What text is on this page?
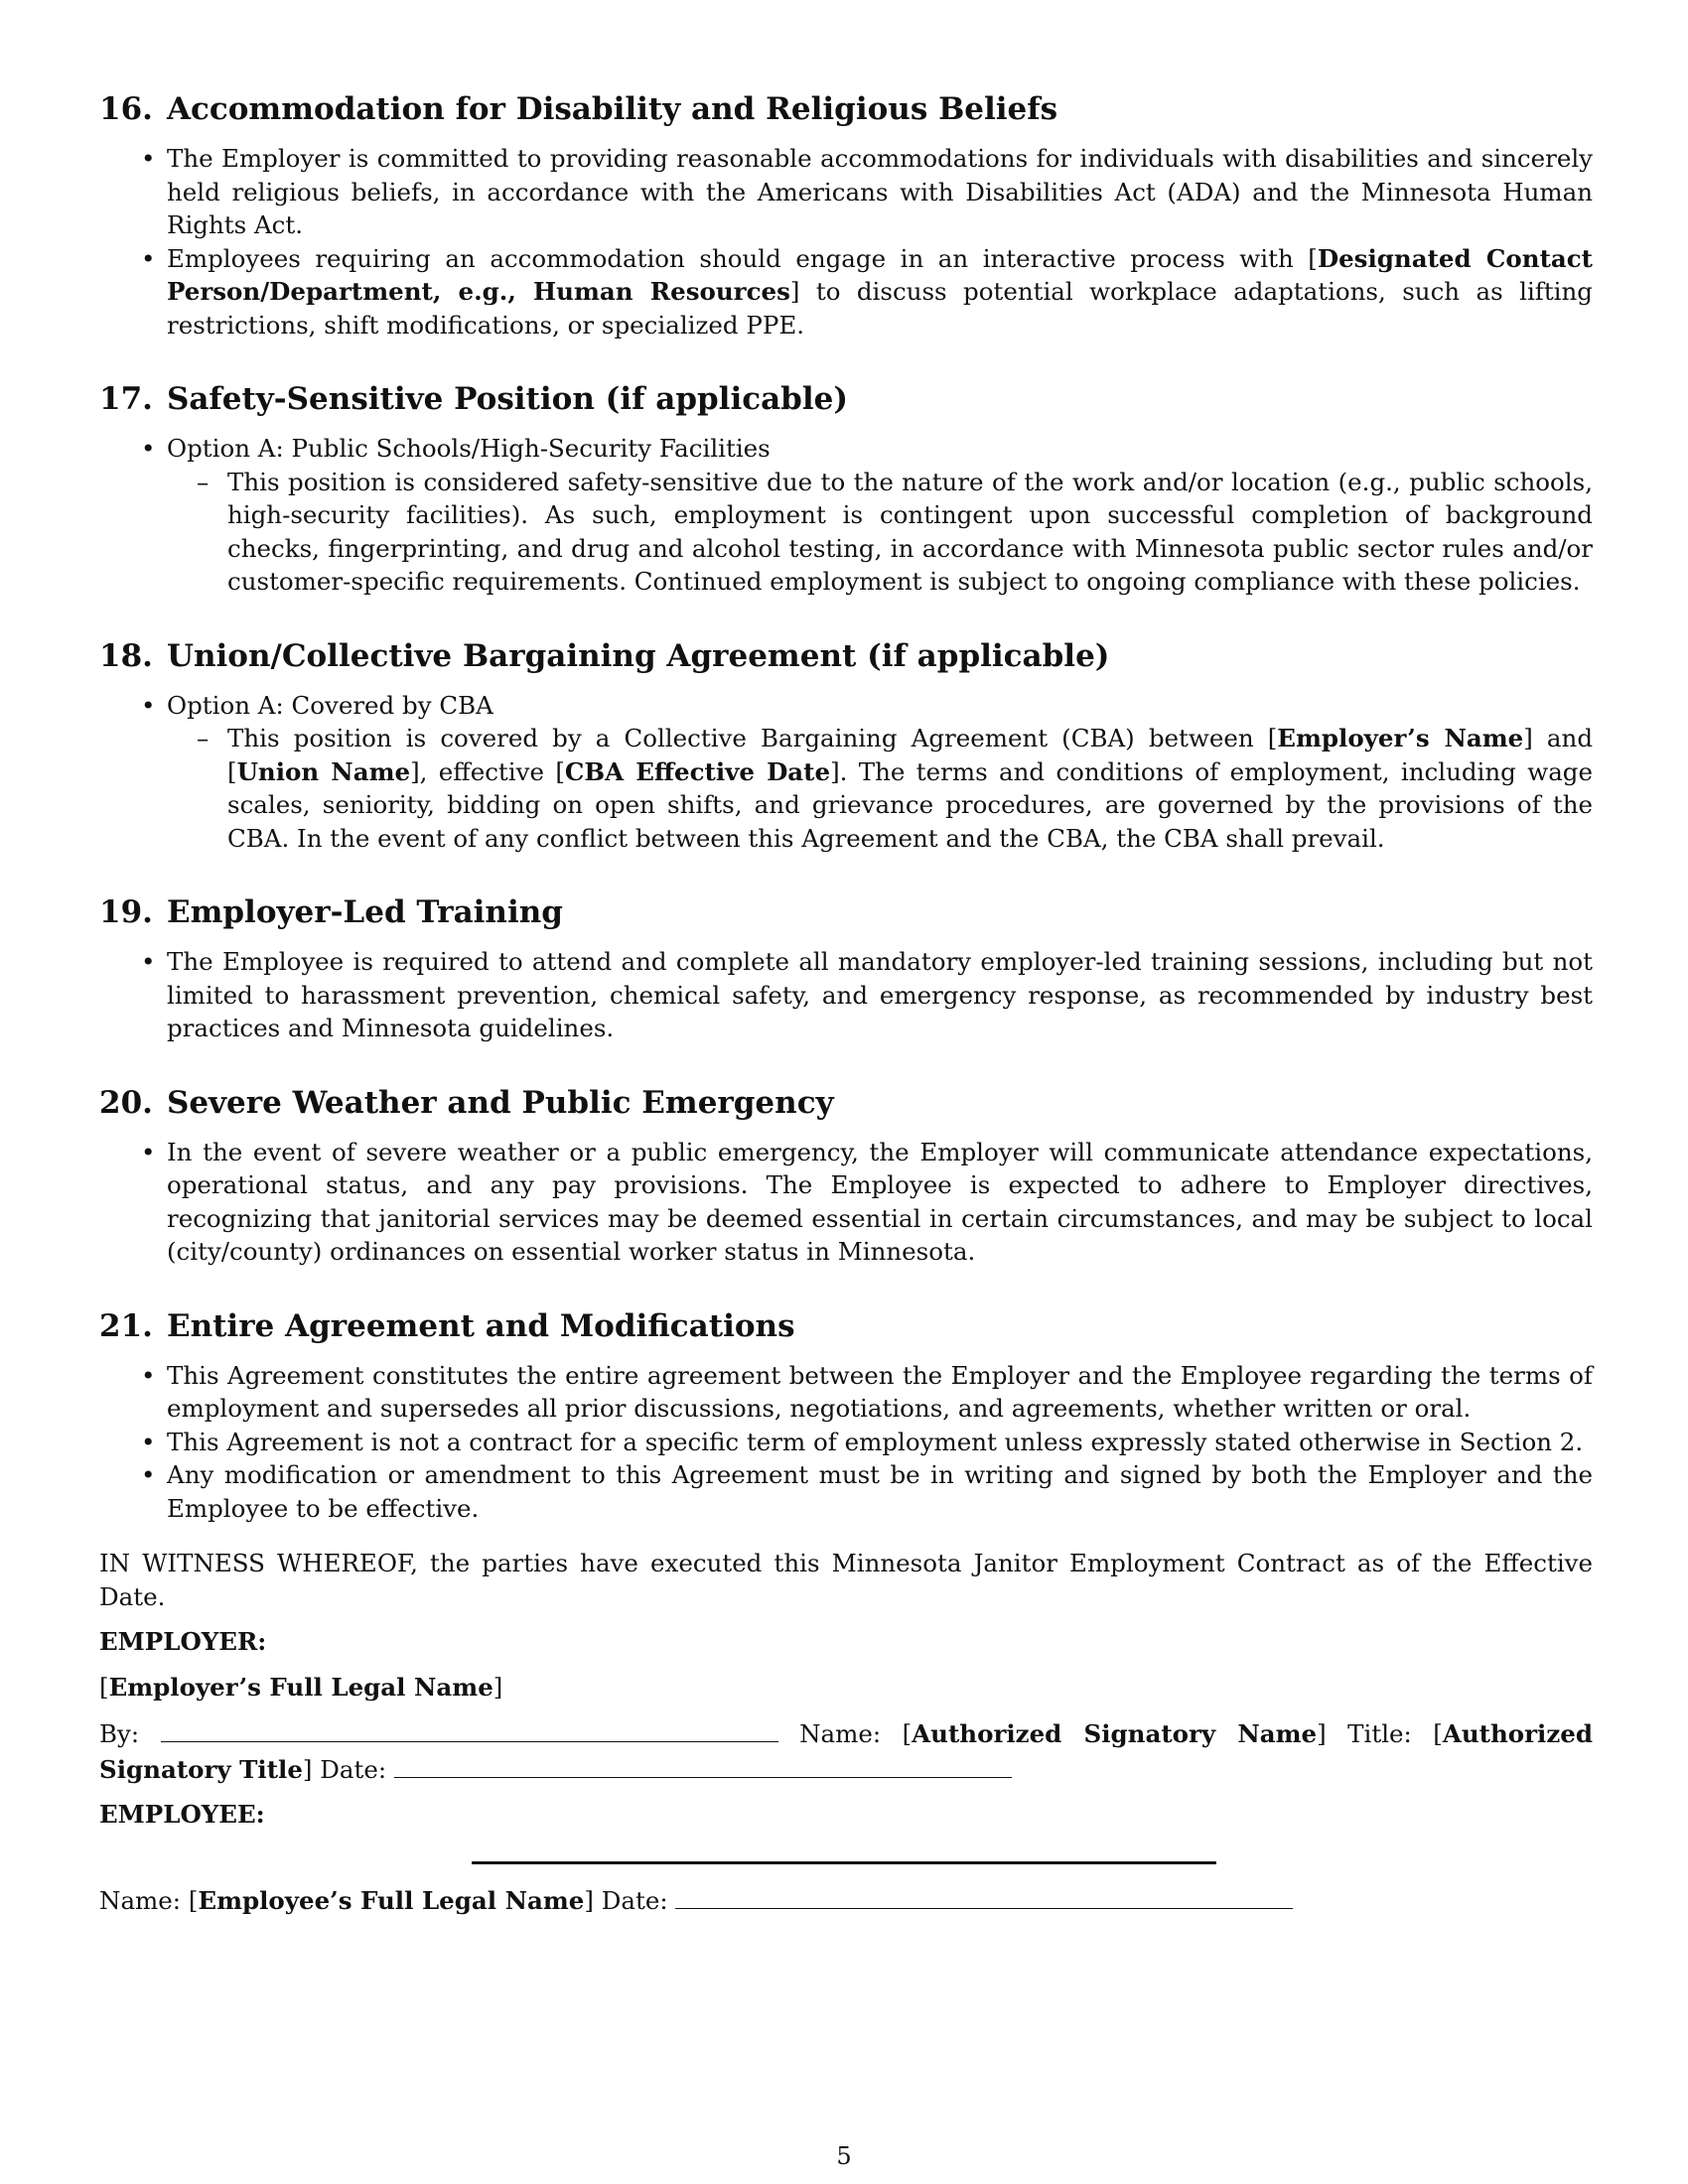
16. Accommodation for Disability and Religious Beliefs
• The Employer is committed to providing reasonable accommodations for individuals with disabilities and sincerely held religious beliefs, in accordance with the Americans with Disabilities Act (ADA) and the Minnesota Human Rights Act.
• Employees requiring an accommodation should engage in an interactive process with [Designated Contact Person/Department, e.g., Human Resources] to discuss potential workplace adaptations, such as lifting restrictions, shift modifications, or specialized PPE.
17. Safety-Sensitive Position (if applicable)
• Option A: Public Schools/High-Security Facilities
– This position is considered safety-sensitive due to the nature of the work and/or location (e.g., public schools, high-security facilities). As such, employment is contingent upon successful completion of background checks, fingerprinting, and drug and alcohol testing, in accordance with Minnesota public sector rules and/or customer-specific requirements. Continued employment is subject to ongoing compliance with these policies.
18. Union/Collective Bargaining Agreement (if applicable)
• Option A: Covered by CBA
– This position is covered by a Collective Bargaining Agreement (CBA) between [Employer’s Name] and [Union Name], effective [CBA Effective Date]. The terms and conditions of employment, including wage scales, seniority, bidding on open shifts, and grievance procedures, are governed by the provisions of the CBA. In the event of any conflict between this Agreement and the CBA, the CBA shall prevail.
19. Employer-Led Training
• The Employee is required to attend and complete all mandatory employer-led training sessions, including but not limited to harassment prevention, chemical safety, and emergency response, as recommended by industry best practices and Minnesota guidelines.
20. Severe Weather and Public Emergency
• In the event of severe weather or a public emergency, the Employer will communicate attendance expectations, operational status, and any pay provisions. The Employee is expected to adhere to Employer directives, recognizing that janitorial services may be deemed essential in certain circumstances, and may be subject to local (city/county) ordinances on essential worker status in Minnesota.
21. Entire Agreement and Modifications
• This Agreement constitutes the entire agreement between the Employer and the Employee regarding the terms of employment and supersedes all prior discussions, negotiations, and agreements, whether written or oral.
• This Agreement is not a contract for a specific term of employment unless expressly stated otherwise in Section 2.
• Any modification or amendment to this Agreement must be in writing and signed by both the Employer and the Employee to be effective.
IN WITNESS WHEREOF, the parties have executed this Minnesota Janitor Employment Contract as of the Effective Date.
EMPLOYER:
[Employer’s Full Legal Name]
By:	Name: [Authorized Signatory Name] Title: [Authorized Signatory Title] Date:
EMPLOYEE:
Name: [Employee’s Full Legal Name] Date:
5
